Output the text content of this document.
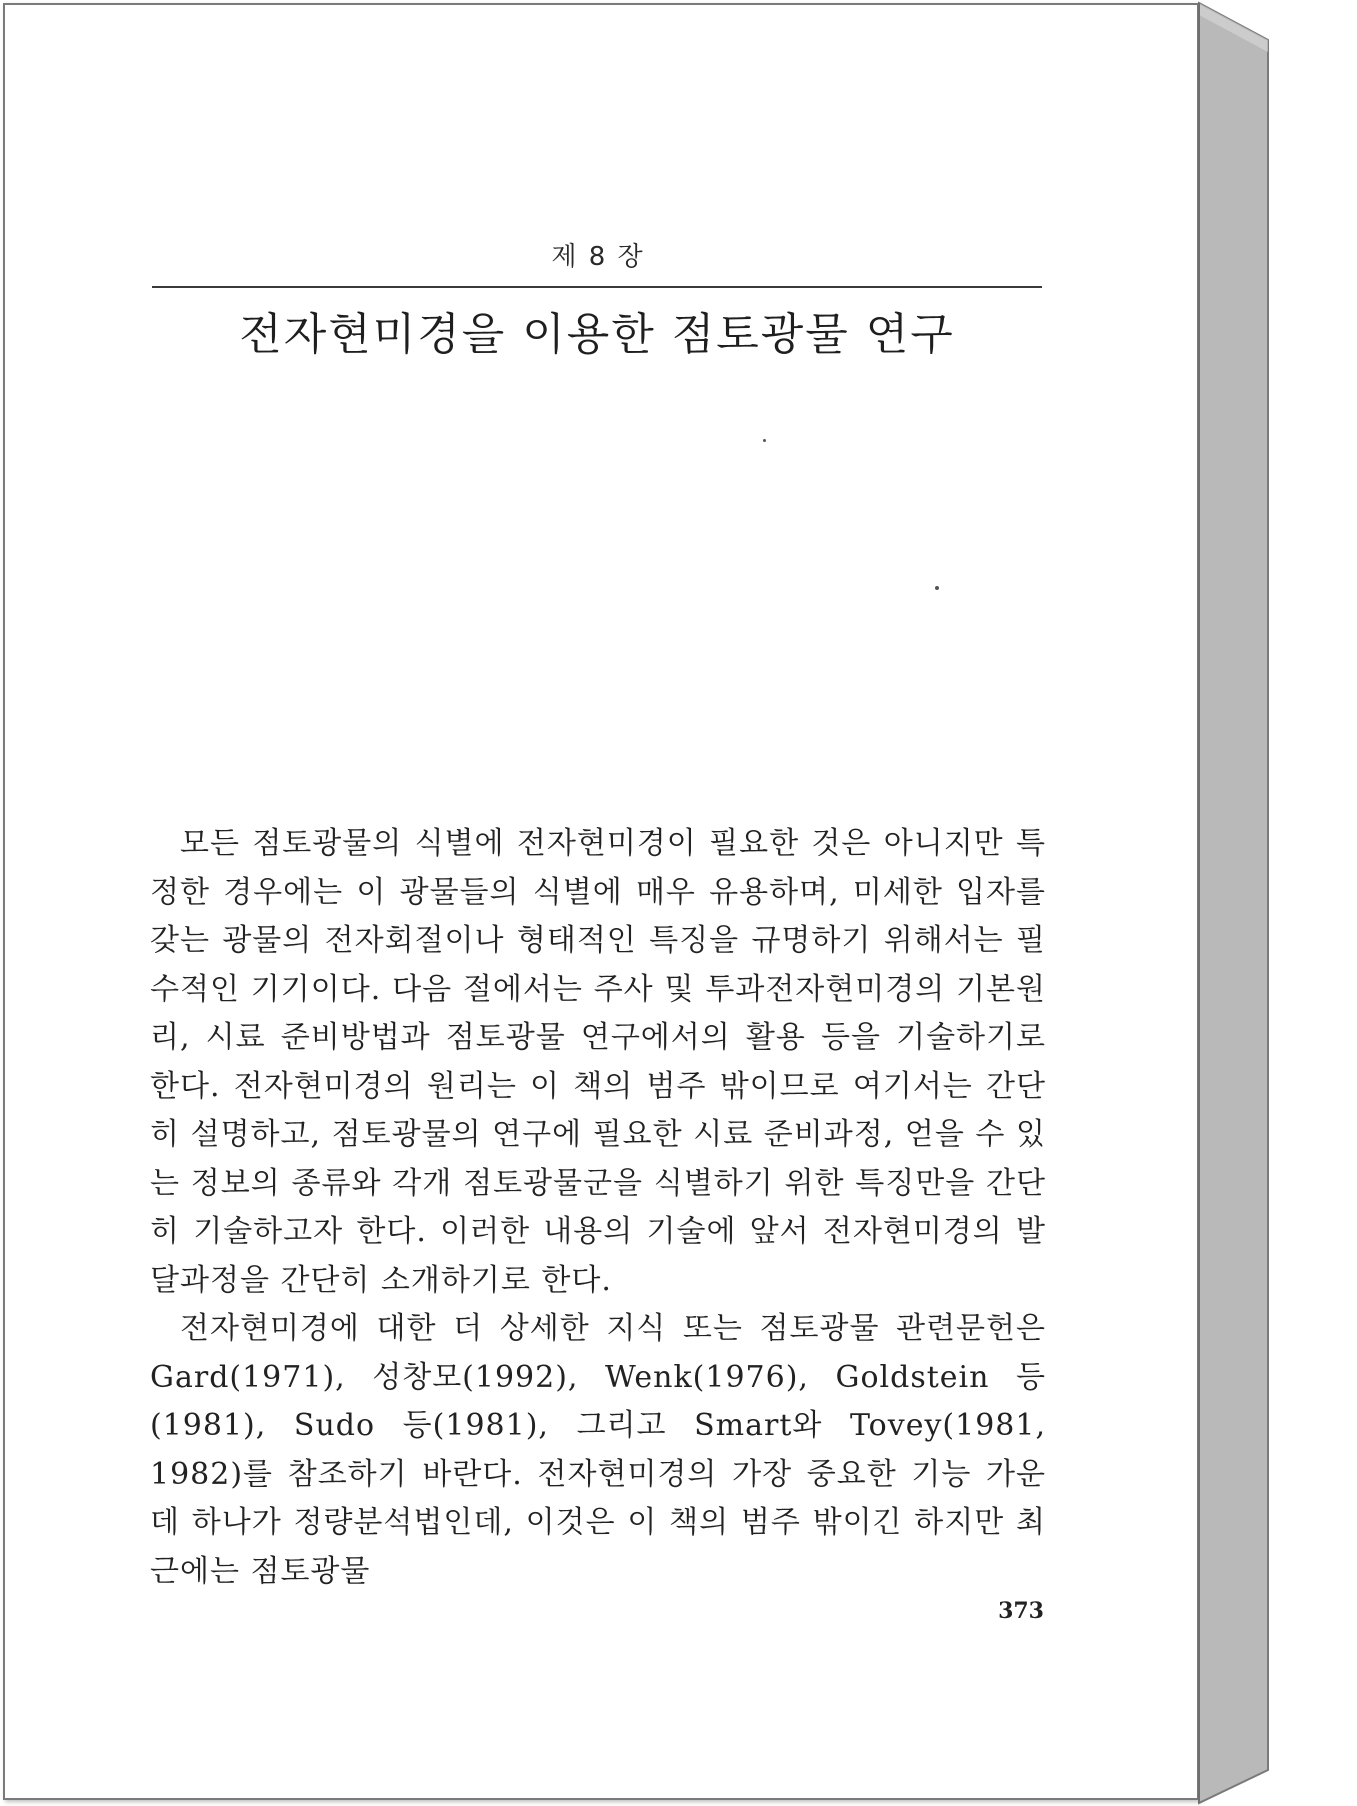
제 8 장
전자현미경을 이용한 점토광물 연구

모든 점토광물의 식별에 전자현미경이 필요한 것은 아니지만 특정한 경우에는 이 광물들의 식별에 매우 유용하며, 미세한 입자를 갖는 광물의 전자회절이나 형태적인 특징을 규명하기 위해서는 필수적인 기기이다. 다음 절에서는 주사 및 투과전자현미경의 기본원리, 시료 준비방법과 점토광물 연구에서의 활용 등을 기술하기로 한다. 전자현미경의 원리는 이 책의 범주 밖이므로 여기서는 간단히 설명하고, 점토광물의 연구에 필요한 시료 준비과정, 얻을 수 있는 정보의 종류와 각개 점토광물군을 식별하기 위한 특징만을 간단히 기술하고자 한다. 이러한 내용의 기술에 앞서 전자현미경의 발달과정을 간단히 소개하기로 한다.

전자현미경에 대한 더 상세한 지식 또는 점토광물 관련문헌은 Gard(1971), 성창모(1992), Wenk(1976), Goldstein 등(1981), Sudo 등(1981), 그리고 Smart와 Tovey(1981, 1982)를 참조하기 바란다. 전자현미경의 가장 중요한 기능 가운데 하나가 정량분석법인데, 이것은 이 책의 범주 밖이긴 하지만 최근에는 점토광물

373
